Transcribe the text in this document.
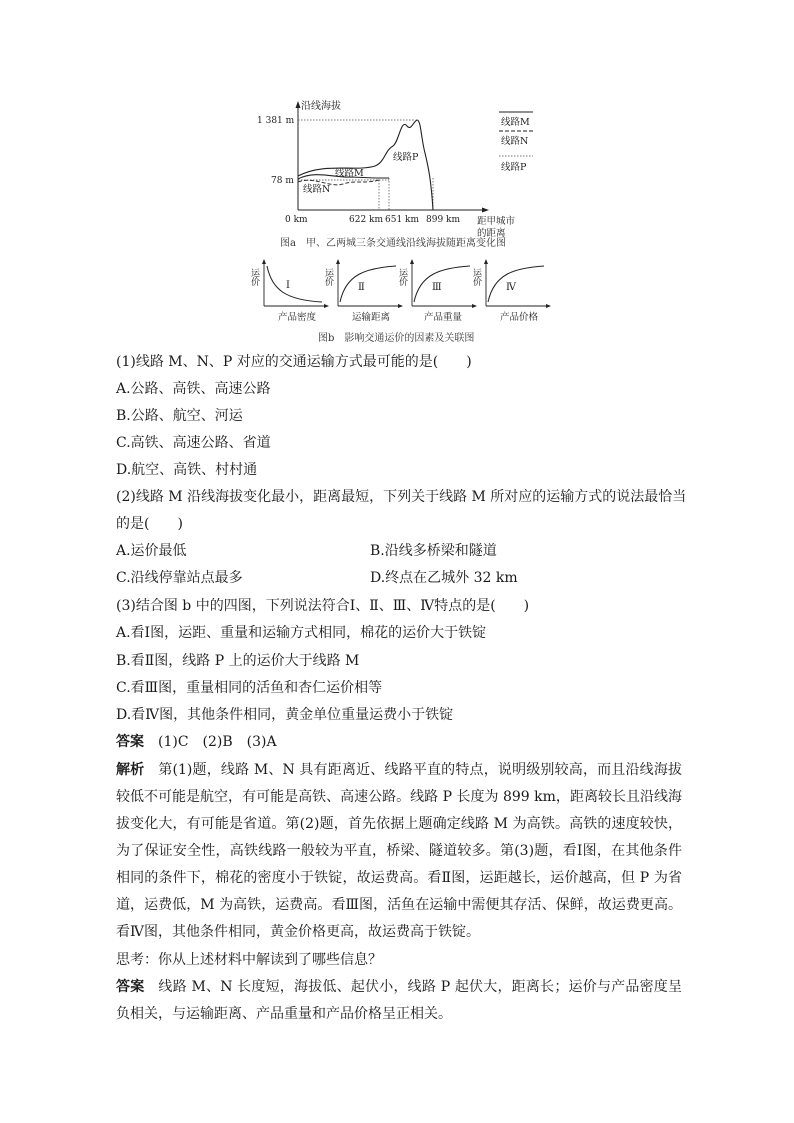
沿线海拔
1 381 m
78 m
线路M
线路N
线路P
0 km	622 km 651 km 899 km 距甲城市
的距离
线路M
线路N
线路P
图a　甲、乙两城三条交通线沿线海拔随距离变化图
运价	Ⅰ
产品密度
运价
Ⅱ
运输距离
运价
Ⅲ
产品重量
运价
Ⅳ
产品价格
图b　影响交通运价的因素及关联图
(1)线路 M、N、P 对应的交通运输方式最可能的是(　　)
A.公路、高铁、高速公路
B.公路、航空、河运
C.高铁、高速公路、省道
D.航空、高铁、村村通
(2)线路 M 沿线海拔变化最小，距离最短，下列关于线路 M 所对应的运输方式的说法最恰当
的是(　　)
A.运价最低	B.沿线多桥梁和隧道
C.沿线停靠站点最多	D.终点在乙城外 32 km
(3)结合图 b 中的四图，下列说法符合Ⅰ、Ⅱ、Ⅲ、Ⅳ特点的是(　　)
A.看Ⅰ图，运距、重量和运输方式相同，棉花的运价大于铁锭
B.看Ⅱ图，线路 P 上的运价大于线路 M
C.看Ⅲ图，重量相同的活鱼和杏仁运价相等
D.看Ⅳ图，其他条件相同，黄金单位重量运费小于铁锭
答案 (1)C　(2)B　(3)A
解析 第(1)题，线路 M、N 具有距离近、线路平直的特点，说明级别较高，而且沿线海拔较低不可能是航空，有可能是高铁、高速公路。线路 P 长度为 899 km，距离较长且沿线海拔变化大，有可能是省道。第(2)题，首先依据上题确定线路 M 为高铁。高铁的速度较快，为了保证安全性，高铁线路一般较为平直，桥梁、隧道较多。第(3)题，看Ⅰ图，在其他条件相同的条件下，棉花的密度小于铁锭，故运费高。看Ⅱ图，运距越长，运价越高，但 P 为省道，运费低，M 为高铁，运费高。看Ⅲ图，活鱼在运输中需便其存活、保鲜，故运费更高。看Ⅳ图，其他条件相同，黄金价格更高，故运费高于铁锭。
思考：你从上述材料中解读到了哪些信息？
答案 线路 M、N 长度短，海拔低、起伏小，线路 P 起伏大，距离长；运价与产品密度呈负相关，与运输距离、产品重量和产品价格呈正相关。
